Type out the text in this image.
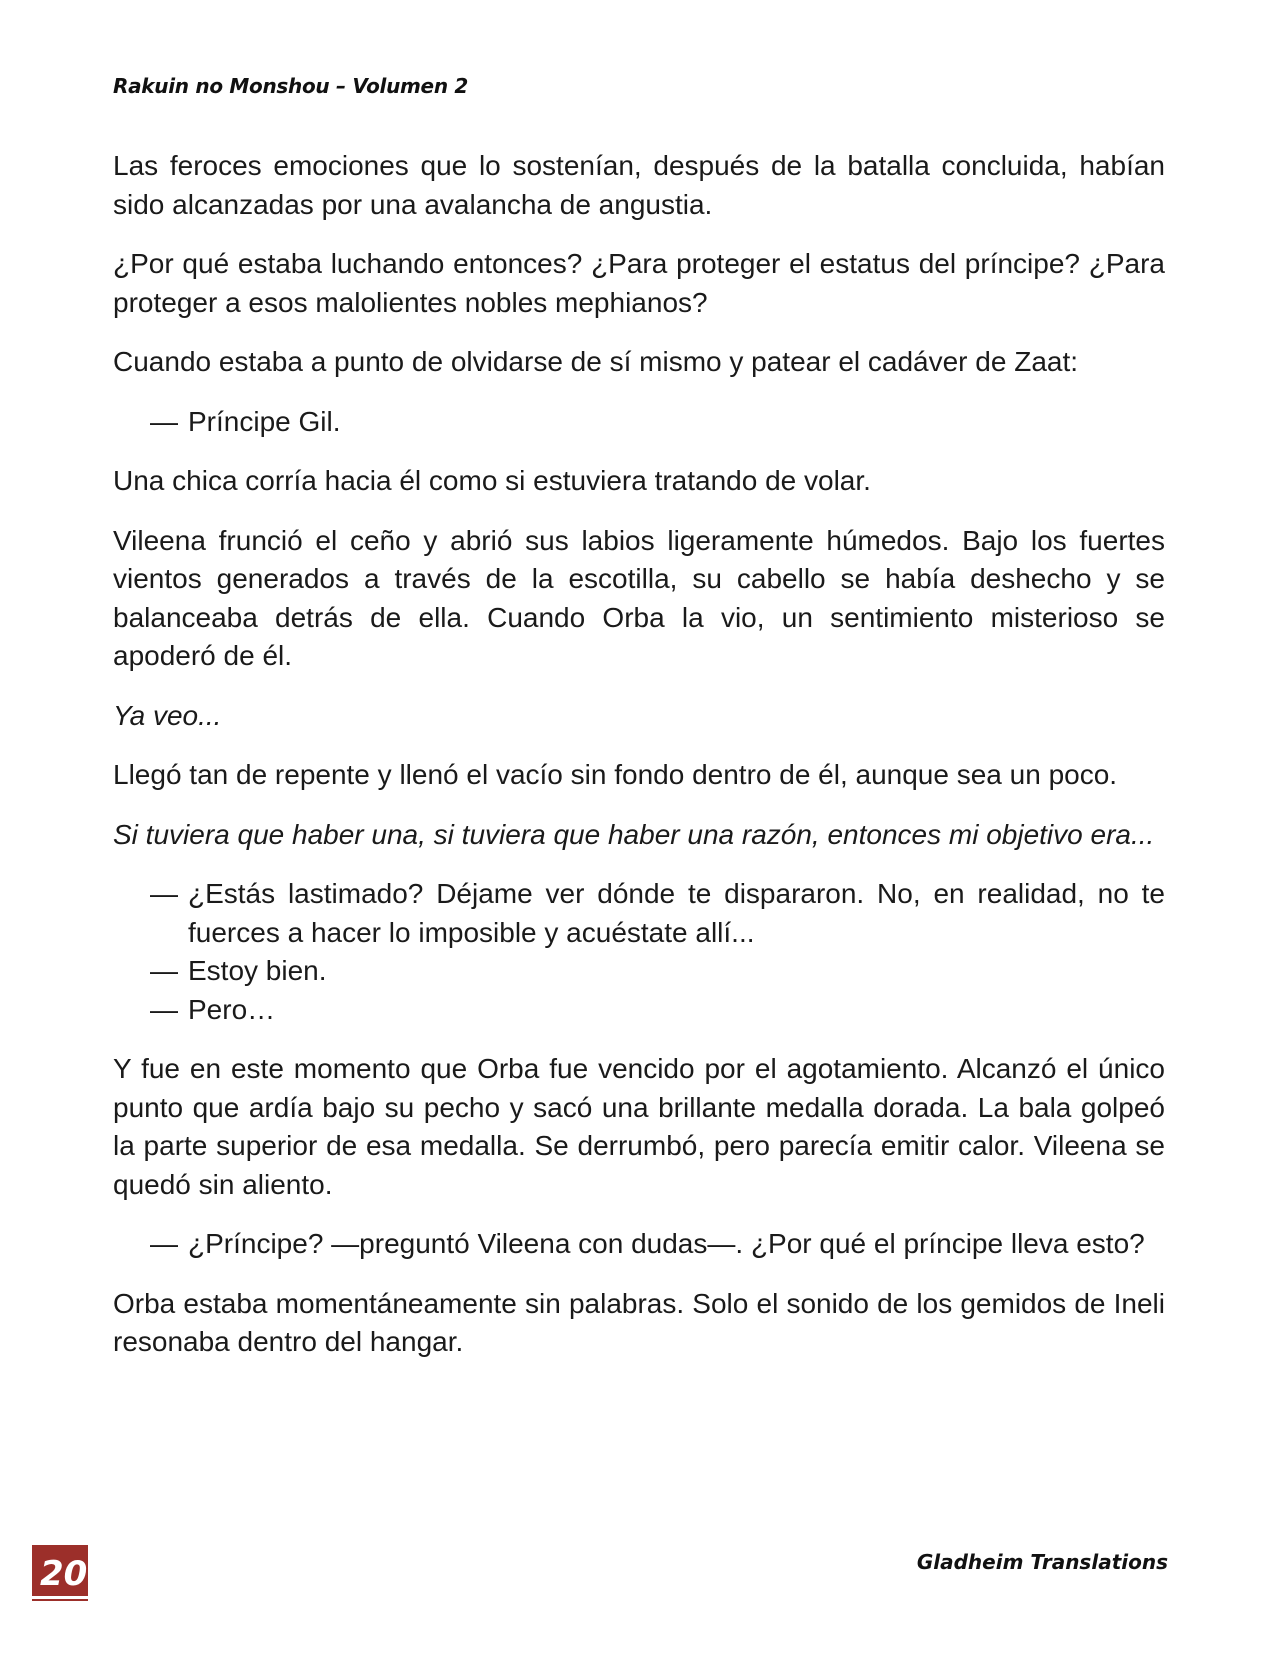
Rakuin no Monshou – Volumen 2

Las feroces emociones que lo sostenían, después de la batalla concluida, habían sido alcanzadas por una avalancha de angustia.

¿Por qué estaba luchando entonces? ¿Para proteger el estatus del príncipe? ¿Para proteger a esos malolientes nobles mephianos?

Cuando estaba a punto de olvidarse de sí mismo y patear el cadáver de Zaat:

— Príncipe Gil.

Una chica corría hacia él como si estuviera tratando de volar.

Vileena frunció el ceño y abrió sus labios ligeramente húmedos. Bajo los fuertes vientos generados a través de la escotilla, su cabello se había deshecho y se balanceaba detrás de ella. Cuando Orba la vio, un sentimiento misterioso se apoderó de él.

Ya veo...

Llegó tan de repente y llenó el vacío sin fondo dentro de él, aunque sea un poco.

Si tuviera que haber una, si tuviera que haber una razón, entonces mi objetivo era...

— ¿Estás lastimado? Déjame ver dónde te dispararon. No, en realidad, no te fuerces a hacer lo imposible y acuéstate allí...
— Estoy bien.
— Pero…

Y fue en este momento que Orba fue vencido por el agotamiento. Alcanzó el único punto que ardía bajo su pecho y sacó una brillante medalla dorada. La bala golpeó la parte superior de esa medalla. Se derrumbó, pero parecía emitir calor. Vileena se quedó sin aliento.

— ¿Príncipe? —preguntó Vileena con dudas—. ¿Por qué el príncipe lleva esto?

Orba estaba momentáneamente sin palabras. Solo el sonido de los gemidos de Ineli resonaba dentro del hangar.

20	Gladheim Translations
